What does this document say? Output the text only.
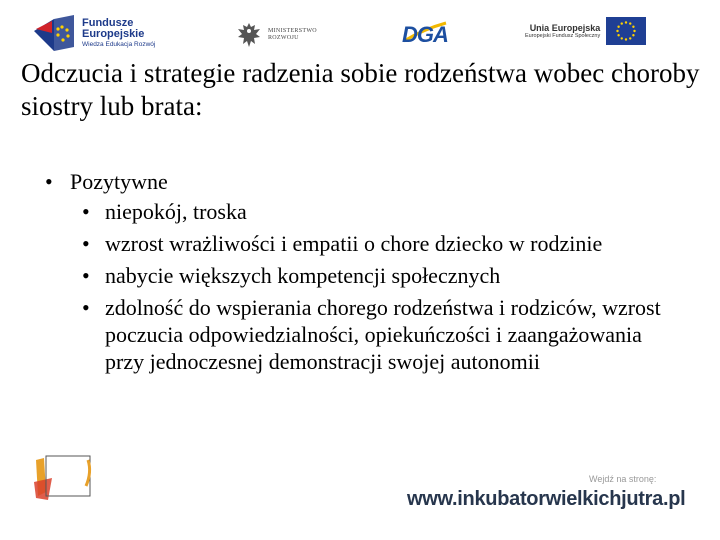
Fundusze
Europejskie
Wiedza Edukacja Rozwój
MINISTERSTWO
ROZWOJU	DGA	Unia Europejska
Europejski Fundusz Społeczny
Odczucia i strategie radzenia sobie rodzeństwa wobec choroby siostry lub brata:
• Pozytywne
• niepokój, troska
• wzrost wrażliwości i empatii o chore dziecko w rodzinie
• nabycie większych kompetencji społecznych
• zdolność do wspierania chorego rodzeństwa i rodziców, wzrost poczucia odpowiedzialności, opiekuńczości i zaangażowania przy jednoczesnej demonstracji swojej autonomii
Wejdź na stronę:
www.inkubatorwielkichjutra.pl
